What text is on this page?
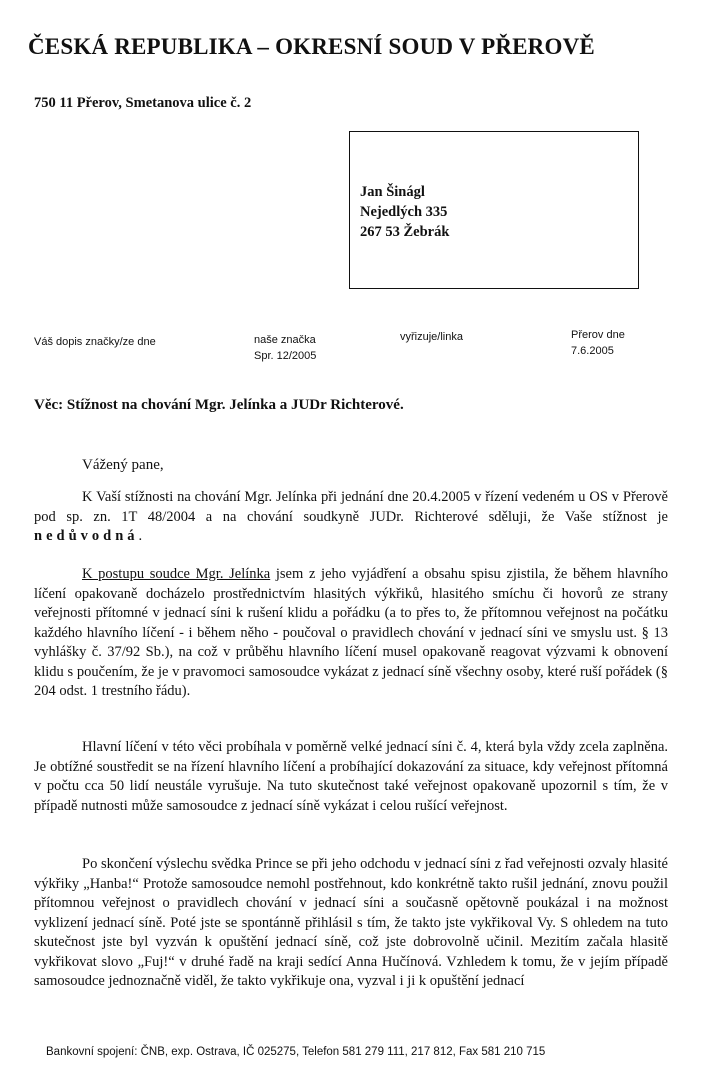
ČESKÁ REPUBLIKA – OKRESNÍ SOUD V PŘEROVĚ
750 11 Přerov, Smetanova ulice č. 2
Jan Šinágl
Nejedlých 335
267 53 Žebrák
Váš dopis značky/ze dne	naše značka
Spr. 12/2005
vyřizuje/linka	Přerov dne
7.6.2005
Věc: Stížnost na chování Mgr. Jelínka a JUDr Richterové.
Vážený pane,
K Vaší stížnosti na chování Mgr. Jelínka při jednání dne 20.4.2005 v řízení vedeném u OS v Přerově pod sp. zn. 1T 48/2004 a na chování soudkyně JUDr. Richterové sděluji, že Vaše stížnost je nedůvodná.
K postupu soudce Mgr. Jelínka jsem z jeho vyjádření a obsahu spisu zjistila, že během hlavního líčení opakovaně docházelo prostřednictvím hlasitých výkřiků, hlasitého smíchu či hovorů ze strany veřejnosti přítomné v jednací síni k rušení klidu a pořádku (a to přes to, že přítomnou veřejnost na počátku každého hlavního líčení - i během něho - poučoval o pravidlech chování v jednací síni ve smyslu ust. § 13 vyhlášky č. 37/92 Sb.), na což v průběhu hlavního líčení musel opakovaně reagovat výzvami k obnovení klidu s poučením, že je v pravomoci samosoudce vykázat z jednací síně všechny osoby, které ruší pořádek (§ 204 odst. 1 trestního řádu).
Hlavní líčení v této věci probíhala v poměrně velké jednací síni č. 4, která byla vždy zcela zaplněna. Je obtížné soustředit se na řízení hlavního líčení a probíhající dokazování za situace, kdy veřejnost přítomná v počtu cca 50 lidí neustále vyrušuje. Na tuto skutečnost také veřejnost opakovaně upozornil s tím, že v případě nutnosti může samosoudce z jednací síně vykázat i celou rušící veřejnost.
Po skončení výslechu svědka Prince se při jeho odchodu v jednací síni z řad veřejnosti ozvaly hlasité výkřiky „Hanba!“ Protože samosoudce nemohl postřehnout, kdo konkrétně takto rušil jednání, znovu použil přítomnou veřejnost o pravidlech chování v jednací síni a současně opětovně poukázal i na možnost vyklizení jednací síně. Poté jste se spontánně přihlásil s tím, že takto jste vykřikoval Vy. S ohledem na tuto skutečnost jste byl vyzván k opuštění jednací síně, což jste dobrovolně učinil. Mezitím začala hlasitě vykřikovat slovo „Fuj!“ v druhé řadě na kraji sedící Anna Hučínová. Vzhledem k tomu, že v jejím případě samosoudce jednoznačně viděl, že takto vykřikuje ona, vyzval i ji k opuštění jednací
Bankovní spojení: ČNB, exp. Ostrava, IČ 025275, Telefon 581 279 111, 217 812, Fax 581 210 715
